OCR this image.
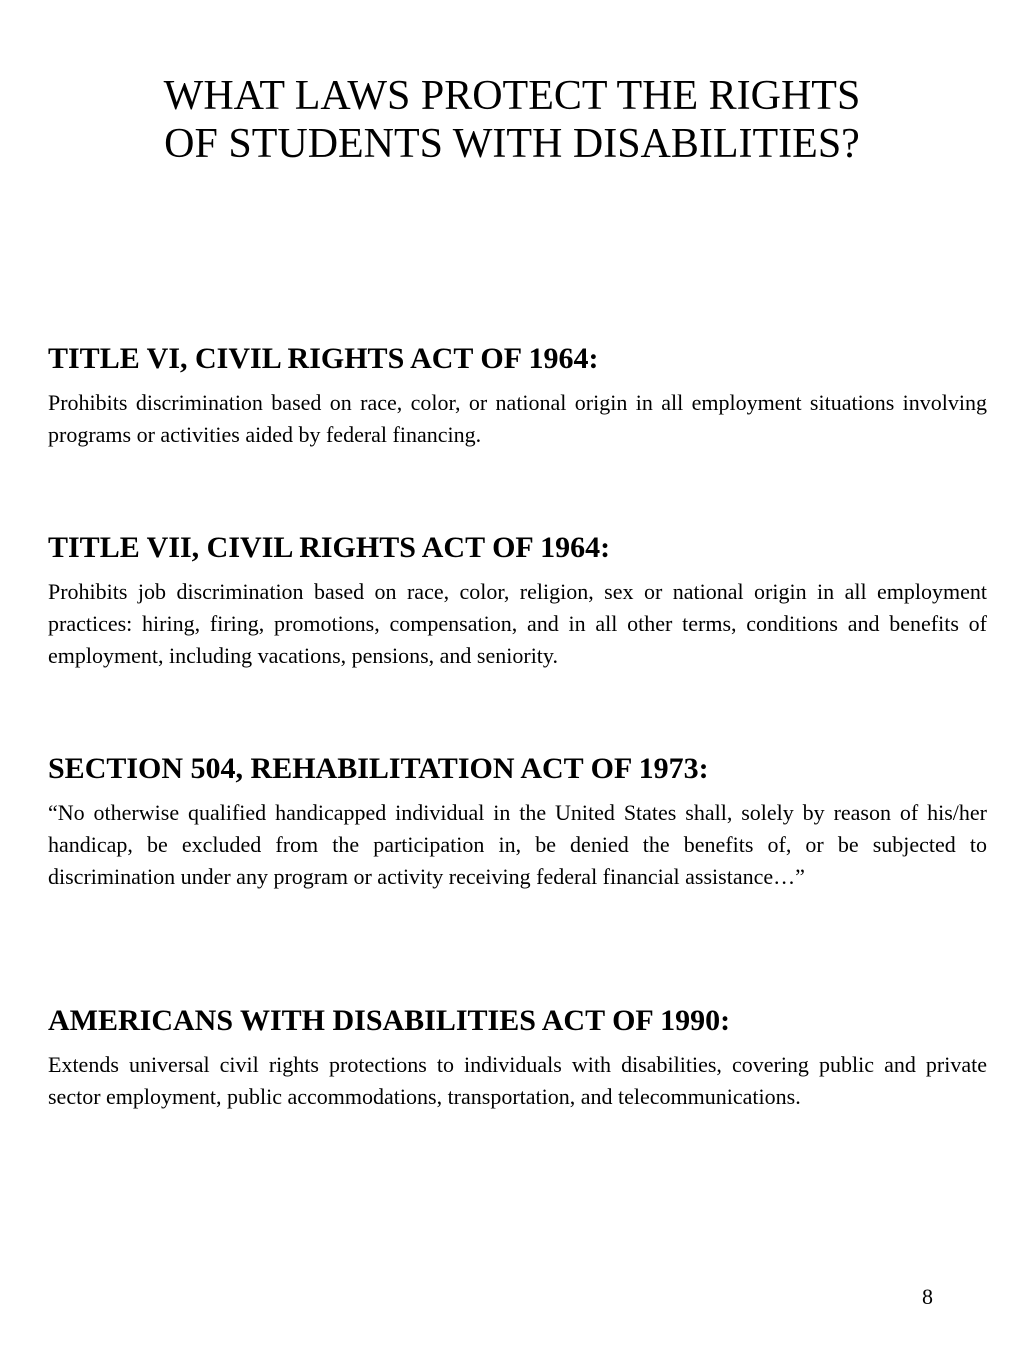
WHAT LAWS PROTECT THE RIGHTS
OF STUDENTS WITH DISABILITIES?
TITLE VI, CIVIL RIGHTS ACT OF 1964:

Prohibits discrimination based on race, color, or national origin in all employment situations involving programs or activities aided by federal financing.

TITLE VII, CIVIL RIGHTS ACT OF 1964:

Prohibits job discrimination based on race, color, religion, sex or national origin in all employment practices: hiring, firing, promotions, compensation, and in all other terms, conditions and benefits of employment, including vacations, pensions, and seniority.

SECTION 504, REHABILITATION ACT OF 1973:

“No otherwise qualified handicapped individual in the United States shall, solely by reason of his/her handicap, be excluded from the participation in, be denied the benefits of, or be subjected to discrimination under any program or activity receiving federal financial assistance…”

AMERICANS WITH DISABILITIES ACT OF 1990:

Extends universal civil rights protections to individuals with disabilities, covering public and private sector employment, public accommodations, transportation, and telecommunications.

8
